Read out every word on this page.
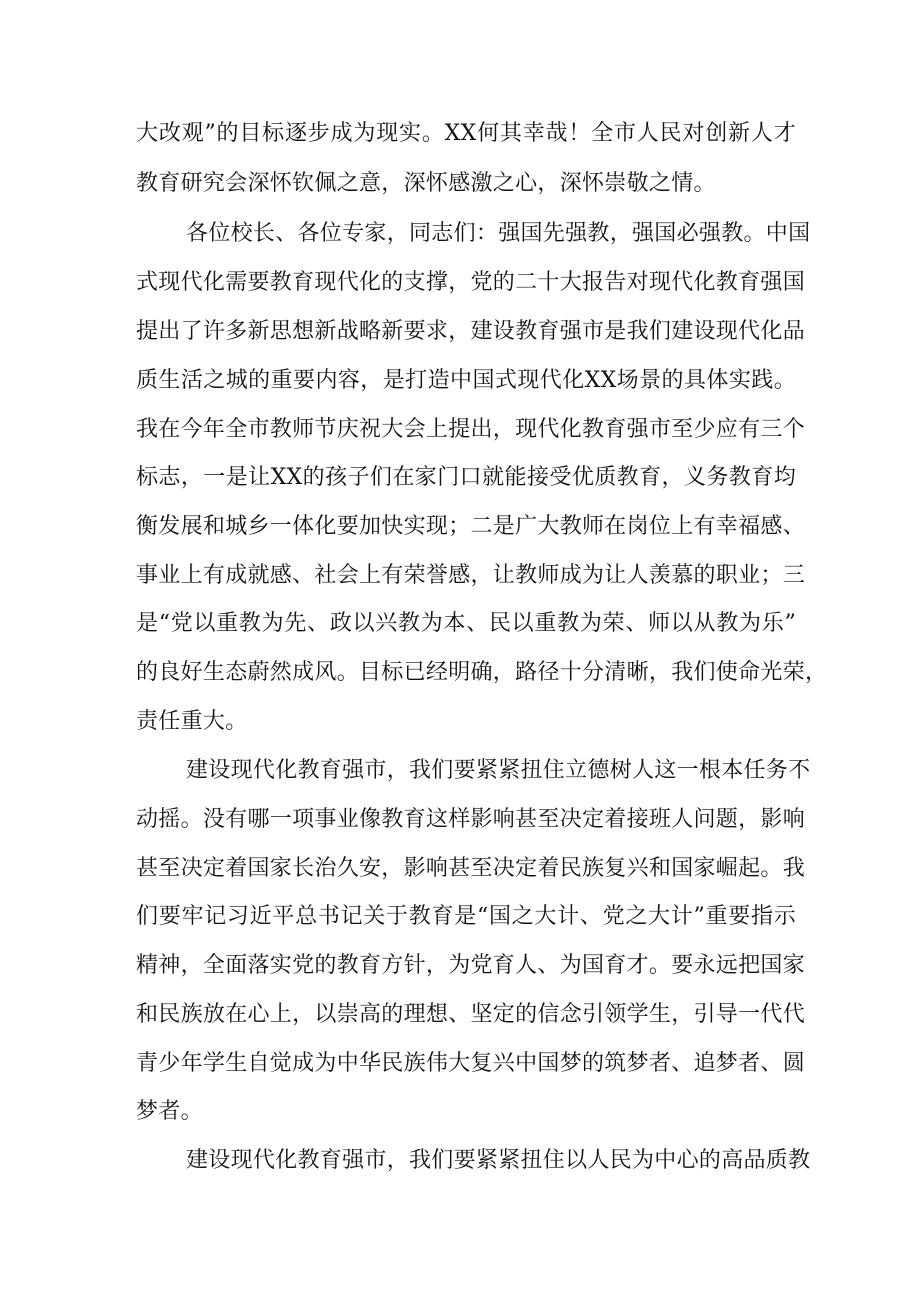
大改观”的目标逐步成为现实。XX何其幸哉！全市人民对创新人才
教育研究会深怀钦佩之意，深怀感激之心，深怀崇敬之情。
各位校长、各位专家，同志们：强国先强教，强国必强教。中国
式现代化需要教育现代化的支撑，党的二十大报告对现代化教育强国
提出了许多新思想新战略新要求，建设教育强市是我们建设现代化品
质生活之城的重要内容，是打造中国式现代化XX场景的具体实践。
我在今年全市教师节庆祝大会上提出，现代化教育强市至少应有三个
标志，一是让XX的孩子们在家门口就能接受优质教育，义务教育均
衡发展和城乡一体化要加快实现；二是广大教师在岗位上有幸福感、
事业上有成就感、社会上有荣誉感，让教师成为让人羡慕的职业；三
是“党以重教为先、政以兴教为本、民以重教为荣、师以从教为乐”
的良好生态蔚然成风。目标已经明确，路径十分清晰，我们使命光荣，
责任重大。
建设现代化教育强市，我们要紧紧扭住立德树人这一根本任务不
动摇。没有哪一项事业像教育这样影响甚至决定着接班人问题，影响
甚至决定着国家长治久安，影响甚至决定着民族复兴和国家崛起。我
们要牢记习近平总书记关于教育是“国之大计、党之大计”重要指示
精神，全面落实党的教育方针，为党育人、为国育才。要永远把国家
和民族放在心上，以崇高的理想、坚定的信念引领学生，引导一代代
青少年学生自觉成为中华民族伟大复兴中国梦的筑梦者、追梦者、圆
梦者。
建设现代化教育强市，我们要紧紧扭住以人民为中心的高品质教
